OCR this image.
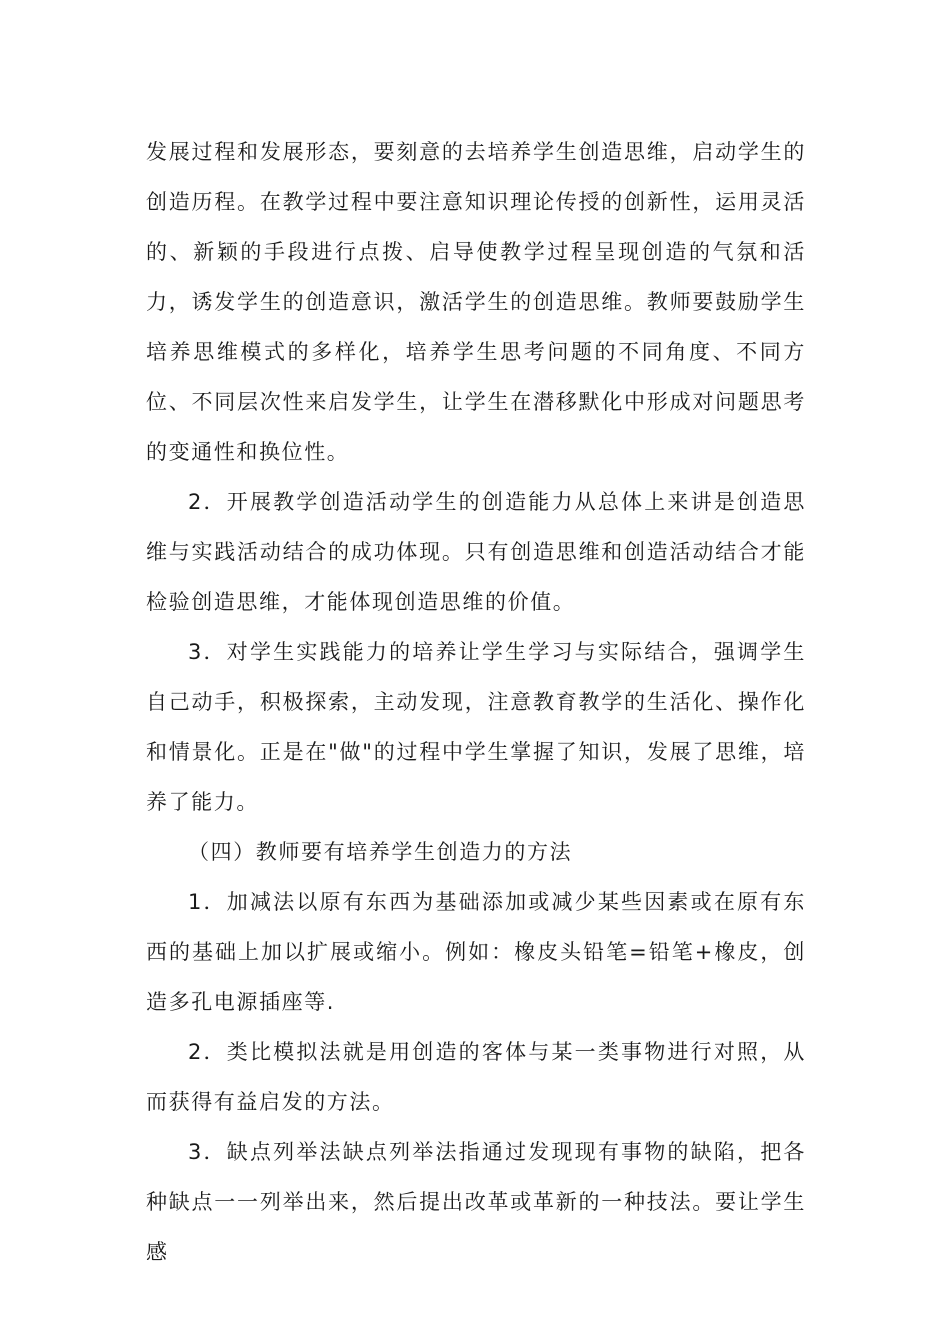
发展过程和发展形态，要刻意的去培养学生创造思维，启动学生的创造历程。在教学过程中要注意知识理论传授的创新性，运用灵活的、新颖的手段进行点拨、启导使教学过程呈现创造的气氛和活力，诱发学生的创造意识，激活学生的创造思维。教师要鼓励学生培养思维模式的多样化，培养学生思考问题的不同角度、不同方位、不同层次性来启发学生，让学生在潜移默化中形成对问题思考的变通性和换位性。

2．开展教学创造活动学生的创造能力从总体上来讲是创造思维与实践活动结合的成功体现。只有创造思维和创造活动结合才能检验创造思维，才能体现创造思维的价值。

3．对学生实践能力的培养让学生学习与实际结合，强调学生自己动手，积极探索，主动发现，注意教育教学的生活化、操作化和情景化。正是在"做"的过程中学生掌握了知识，发展了思维，培养了能力。

（四）教师要有培养学生创造力的方法

1．加减法以原有东西为基础添加或减少某些因素或在原有东西的基础上加以扩展或缩小。例如：橡皮头铅笔=铅笔+橡皮，创造多孔电源插座等.

2．类比模拟法就是用创造的客体与某一类事物进行对照，从而获得有益启发的方法。

3．缺点列举法缺点列举法指通过发现现有事物的缺陷，把各种缺点一一列举出来，然后提出改革或革新的一种技法。要让学生感
